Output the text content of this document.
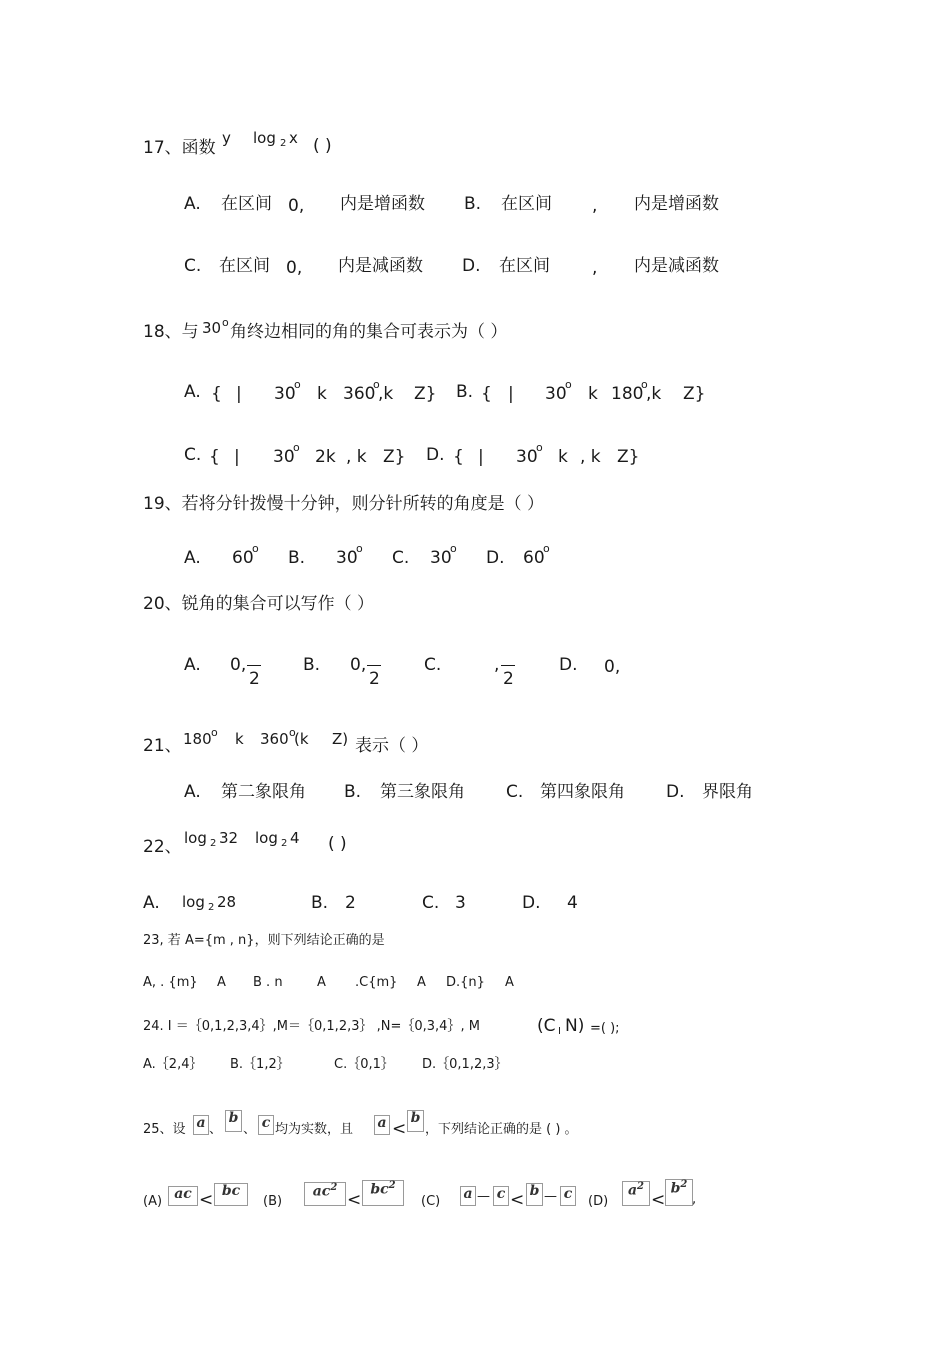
17、函数 y log 2 x ( )
A. 在区间 0, 内是增函数 B. 在区间 , 内是增函数
C. 在区间 0, 内是减函数 D. 在区间 , 内是减函数
18、与 30 o 角终边相同的角的集合可表示为（ ）
A. { | 30
o k 360
o
,k Z} B. { | 30
o k 180
o
,k Z}
C. { | 30
o 2k , k Z} D. { | 30
o k , k Z}
19、若将分针拨慢十分钟，则分针所转的角度是（ ）
A. 60
o B. 30
o C. 30
o D. 60
o
20、锐角的集合可以写作（ ）
A. 0,
2
B. 0,
2
C.	,
2
D. 0,
21、 180 o k 360 o
(k Z) 表示（ ）
A. 第二象限角 B. 第三象限角 C. 第四象限角 D. 界限角
22、 log 2 32 log 2 4 ( )
A. log 2 28	B. 2	C. 3	D. 4
23, 若 A={m , n}，则下列结论正确的是
A, . {m} A B . n	A .C{m} A D.{n} A
24. I ＝｛0,1,2,3,4｝,M＝｛0,1,2,3｝ ,N=｛0,3,4｝, M	(C I N) =( );
A.｛2,4｝ B.｛1,2｝	C.｛0,1｝ D.｛0,1,2,3｝
25、设 a 、
b
、 c 均为实数，且 a <
b
，下列结论正确的是 ( ) 。
(A) ac < bc
(B)
$ac^2$
<
$bc^2$
(C) a — c < b — c (D)
$a^2$
<
$b^2$
,
